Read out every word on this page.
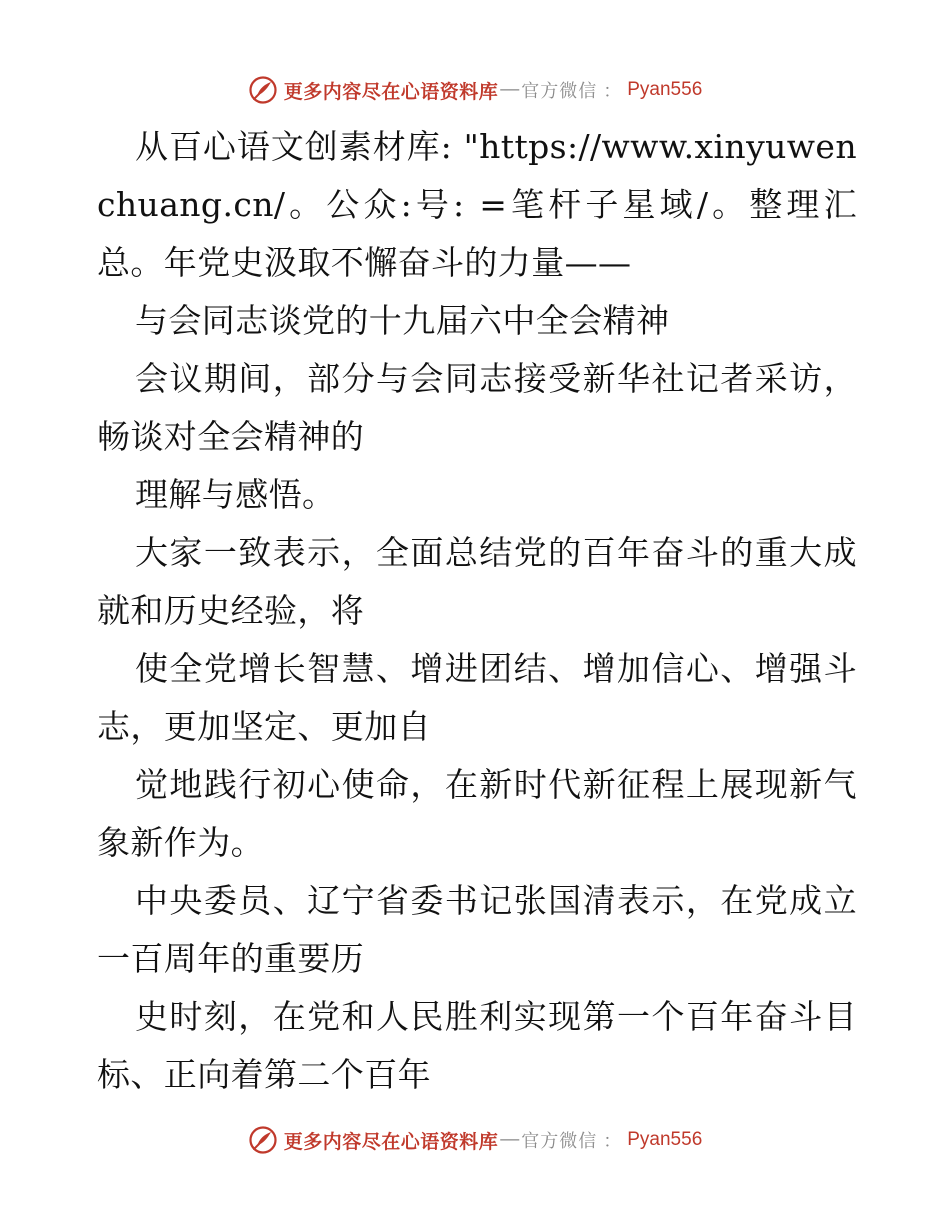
更多内容尽在心语资料库 — 官方微信 ： Pyan556

从百心语文创素材库: "https://www.xinyuwenchuang.cn/。公众:号: =笔杆子星域/。整理汇总。年党史汲取不懈奋斗的力量——

与会同志谈党的十九届六中全会精神

会议期间，部分与会同志接受新华社记者采访，畅谈对全会精神的

理解与感悟。

大家一致表示，全面总结党的百年奋斗的重大成就和历史经验，将

使全党增长智慧、增进团结、增加信心、增强斗志，更加坚定、更加自

觉地践行初心使命，在新时代新征程上展现新气象新作为。

中央委员、辽宁省委书记张国清表示，在党成立一百周年的重要历

史时刻，在党和人民胜利实现第一个百年奋斗目标、正向着第二个百年

更多内容尽在心语资料库 — 官方微信 ： Pyan556
